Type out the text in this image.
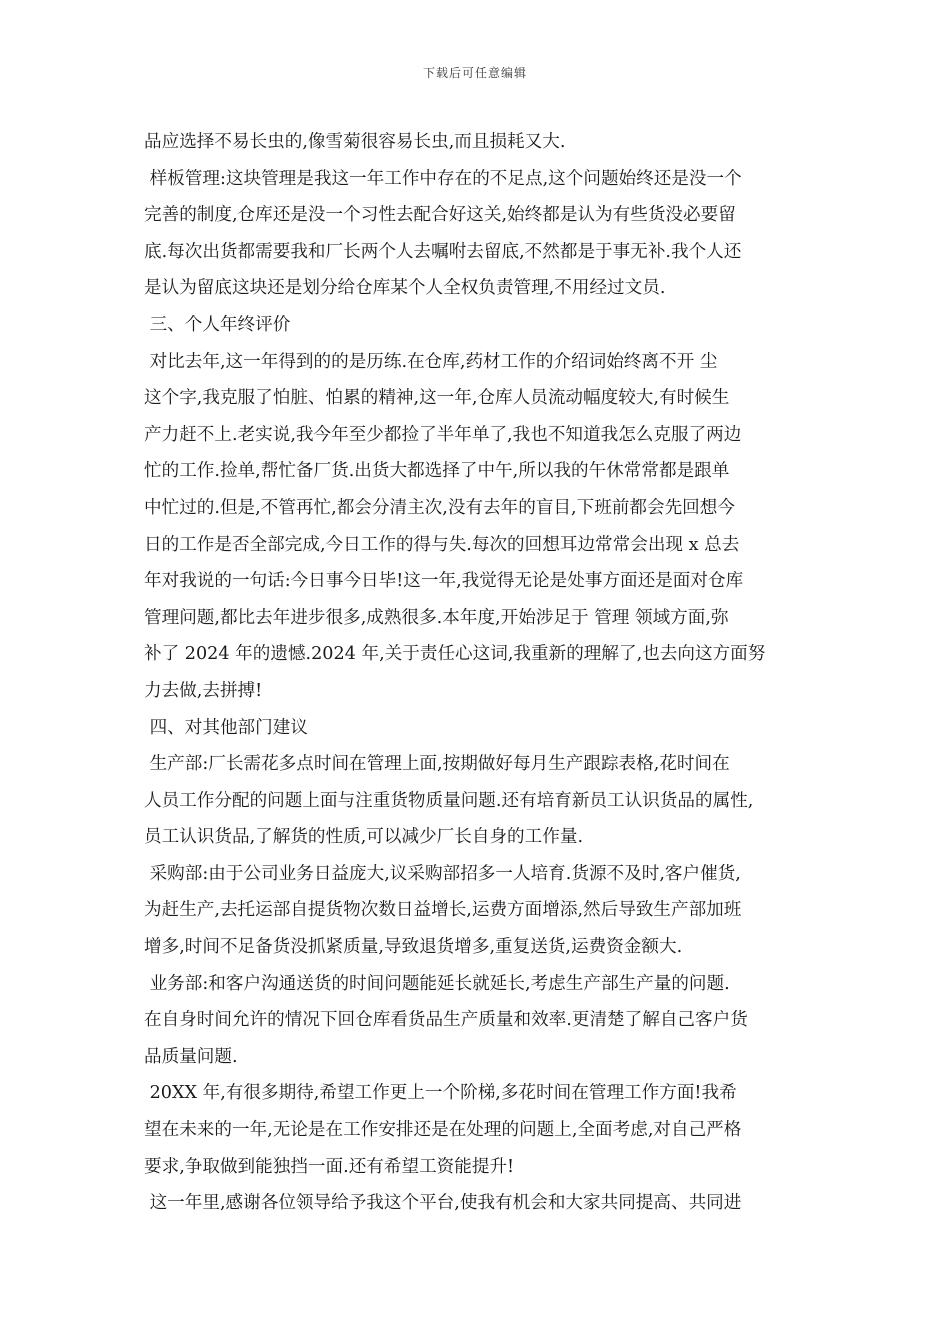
下载后可任意编辑
品应选择不易长虫的,像雪菊很容易长虫,而且损耗又大.
样板管理:这块管理是我这一年工作中存在的不足点,这个问题始终还是没一个
完善的制度,仓库还是没一个习性去配合好这关,始终都是认为有些货没必要留
底.每次出货都需要我和厂长两个人去嘱咐去留底,不然都是于事无补.我个人还
是认为留底这块还是划分给仓库某个人全权负责管理,不用经过文员.
三、个人年终评价
对比去年,这一年得到的的是历练.在仓库,药材工作的介绍词始终离不开 尘
这个字,我克服了怕脏、怕累的精神,这一年,仓库人员流动幅度较大,有时候生
产力赶不上.老实说,我今年至少都捡了半年单了,我也不知道我怎么克服了两边
忙的工作.捡单,帮忙备厂货.出货大都选择了中午,所以我的午休常常都是跟单
中忙过的.但是,不管再忙,都会分清主次,没有去年的盲目,下班前都会先回想今
日的工作是否全部完成,今日工作的得与失.每次的回想耳边常常会出现 x 总去
年对我说的一句话:今日事今日毕!这一年,我觉得无论是处事方面还是面对仓库
管理问题,都比去年进步很多,成熟很多.本年度,开始涉足于 管理 领域方面,弥
补了 2024 年的遗憾.2024 年,关于责任心这词,我重新的理解了,也去向这方面努
力去做,去拼搏!
四、对其他部门建议
生产部:厂长需花多点时间在管理上面,按期做好每月生产跟踪表格,花时间在
人员工作分配的问题上面与注重货物质量问题.还有培育新员工认识货品的属性,
员工认识货品,了解货的性质,可以减少厂长自身的工作量.
采购部:由于公司业务日益庞大,议采购部招多一人培育.货源不及时,客户催货,
为赶生产,去托运部自提货物次数日益增长,运费方面增添,然后导致生产部加班
增多,时间不足备货没抓紧质量,导致退货增多,重复送货,运费资金额大.
业务部:和客户沟通送货的时间问题能延长就延长,考虑生产部生产量的问题.
在自身时间允许的情况下回仓库看货品生产质量和效率.更清楚了解自己客户货
品质量问题.
20XX 年,有很多期待,希望工作更上一个阶梯,多花时间在管理工作方面!我希
望在未来的一年,无论是在工作安排还是在处理的问题上,全面考虑,对自己严格
要求,争取做到能独挡一面.还有希望工资能提升!
这一年里,感谢各位领导给予我这个平台,使我有机会和大家共同提高、共同进
